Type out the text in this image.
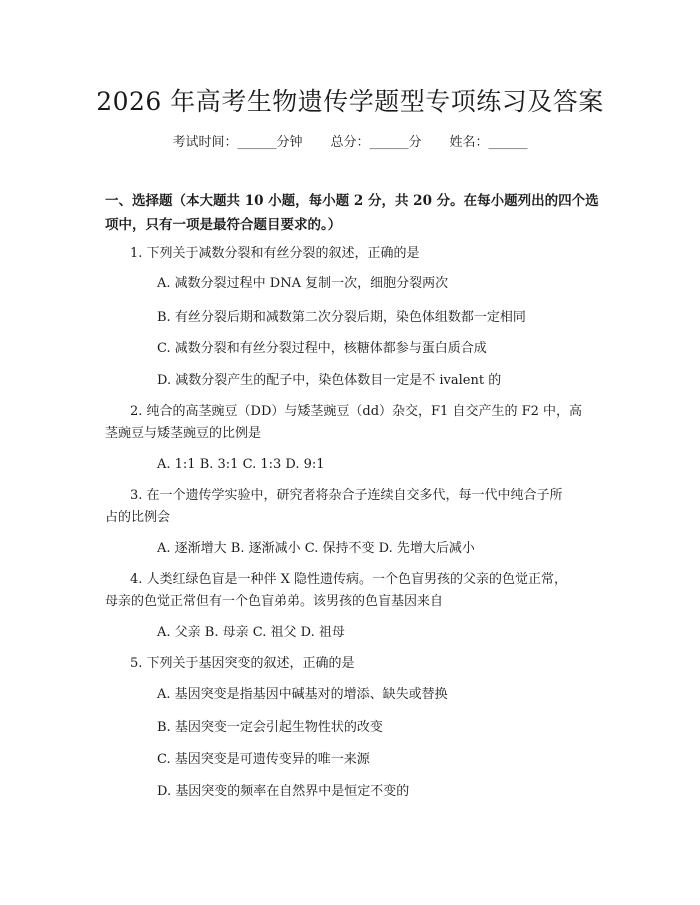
2026 年高考生物遗传学题型专项练习及答案
考试时间：______分钟 总分：______分 姓名：______

一、选择题（本大题共 10 小题，每小题 2 分，共 20 分。在每小题列出的四个选项中，只有一项是最符合题目要求的。）

1. 下列关于减数分裂和有丝分裂的叙述，正确的是
A. 减数分裂过程中 DNA 复制一次，细胞分裂两次
B. 有丝分裂后期和减数第二次分裂后期，染色体组数都一定相同
C. 减数分裂和有丝分裂过程中，核糖体都参与蛋白质合成
D. 减数分裂产生的配子中，染色体数目一定是不 ivalent 的
2. 纯合的高茎豌豆（DD）与矮茎豌豆（dd）杂交，F1 自交产生的 F2 中，高
茎豌豆与矮茎豌豆的比例是
A. 1:1 B. 3:1 C. 1:3 D. 9:1
3. 在一个遗传学实验中，研究者将杂合子连续自交多代，每一代中纯合子所
占的比例会
A. 逐渐增大 B. 逐渐减小 C. 保持不变 D. 先增大后减小
4. 人类红绿色盲是一种伴 X 隐性遗传病。一个色盲男孩的父亲的色觉正常，
母亲的色觉正常但有一个色盲弟弟。该男孩的色盲基因来自
A. 父亲 B. 母亲 C. 祖父 D. 祖母
5. 下列关于基因突变的叙述，正确的是
A. 基因突变是指基因中碱基对的增添、缺失或替换
B. 基因突变一定会引起生物性状的改变
C. 基因突变是可遗传变异的唯一来源
D. 基因突变的频率在自然界中是恒定不变的
